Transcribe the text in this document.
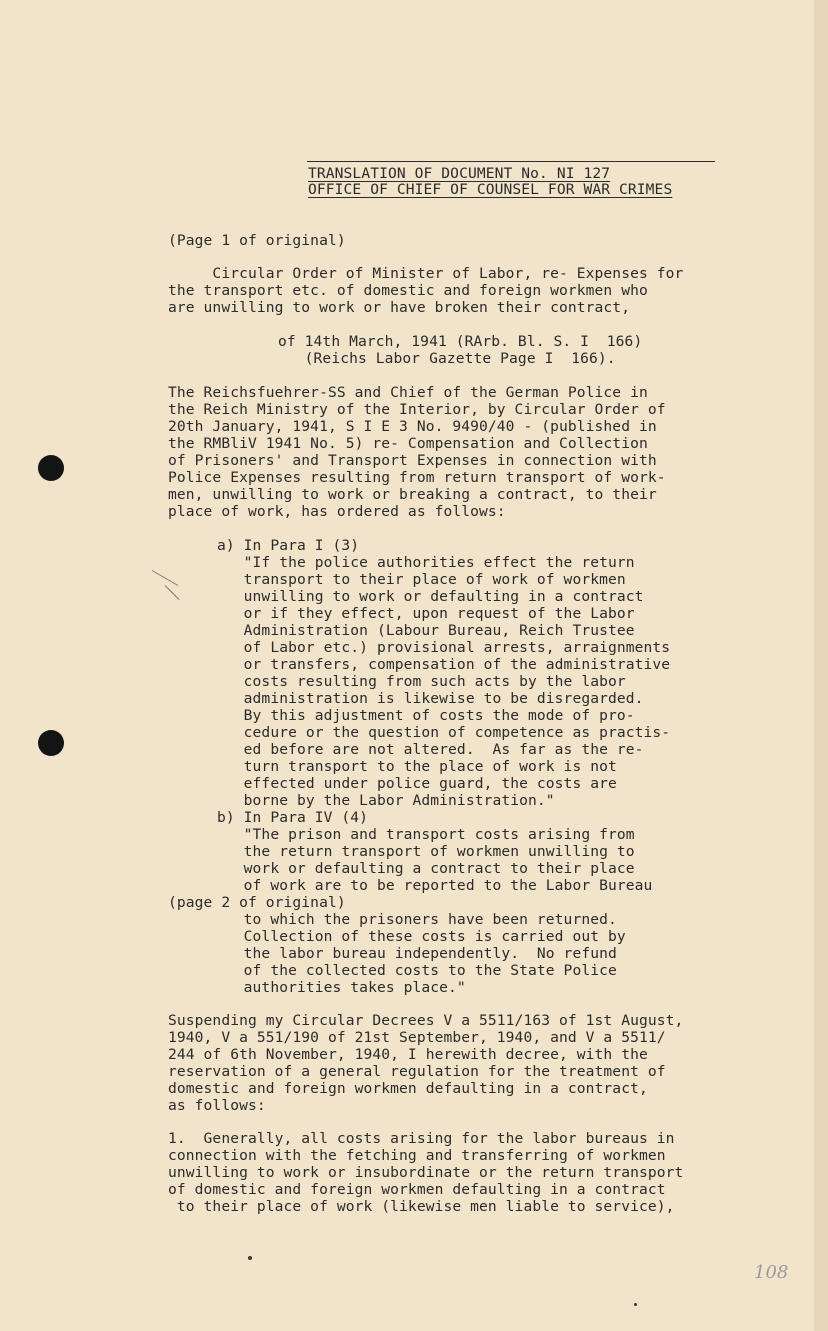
TRANSLATION OF DOCUMENT No. NI 127
OFFICE OF CHIEF OF COUNSEL FOR WAR CRIMES
(Page 1 of original)
Circular Order of Minister of Labor, re- Expenses for
the transport etc. of domestic and foreign workmen who
are unwilling to work or have broken their contract,
of 14th March, 1941 (RArb. Bl. S. I  166)
(Reichs Labor Gazette Page I  166).
The Reichsfuehrer-SS and Chief of the German Police in
the Reich Ministry of the Interior, by Circular Order of
20th January, 1941, S I E 3 No. 9490/40 - (published in
the RMBliV 1941 No. 5) re- Compensation and Collection
of Prisoners' and Transport Expenses in connection with
Police Expenses resulting from return transport of work-
men, unwilling to work or breaking a contract, to their
place of work, has ordered as follows:
a) In Para I (3)
"If the police authorities effect the return
transport to their place of work of workmen
unwilling to work or defaulting in a contract
or if they effect, upon request of the Labor
Administration (Labour Bureau, Reich Trustee
of Labor etc.) provisional arrests, arraignments
or transfers, compensation of the administrative
costs resulting from such acts by the labor
administration is likewise to be disregarded.
By this adjustment of costs the mode of pro-
cedure or the question of competence as practis-
ed before are not altered.  As far as the re-
turn transport to the place of work is not
effected under police guard, the costs are
borne by the Labor Administration."
b) In Para IV (4)
"The prison and transport costs arising from
the return transport of workmen unwilling to
work or defaulting a contract to their place
of work are to be reported to the Labor Bureau
(page 2 of original)
to which the prisoners have been returned.
Collection of these costs is carried out by
the labor bureau independently.  No refund
of the collected costs to the State Police
authorities takes place."
Suspending my Circular Decrees V a 5511/163 of 1st August,
1940, V a 551/190 of 21st September, 1940, and V a 5511/
244 of 6th November, 1940, I herewith decree, with the
reservation of a general regulation for the treatment of
domestic and foreign workmen defaulting in a contract,
as follows:
1.  Generally, all costs arising for the labor bureaus in
connection with the fetching and transferring of workmen
unwilling to work or insubordinate or the return transport
of domestic and foreign workmen defaulting in a contract
to their place of work (likewise men liable to service),
108
